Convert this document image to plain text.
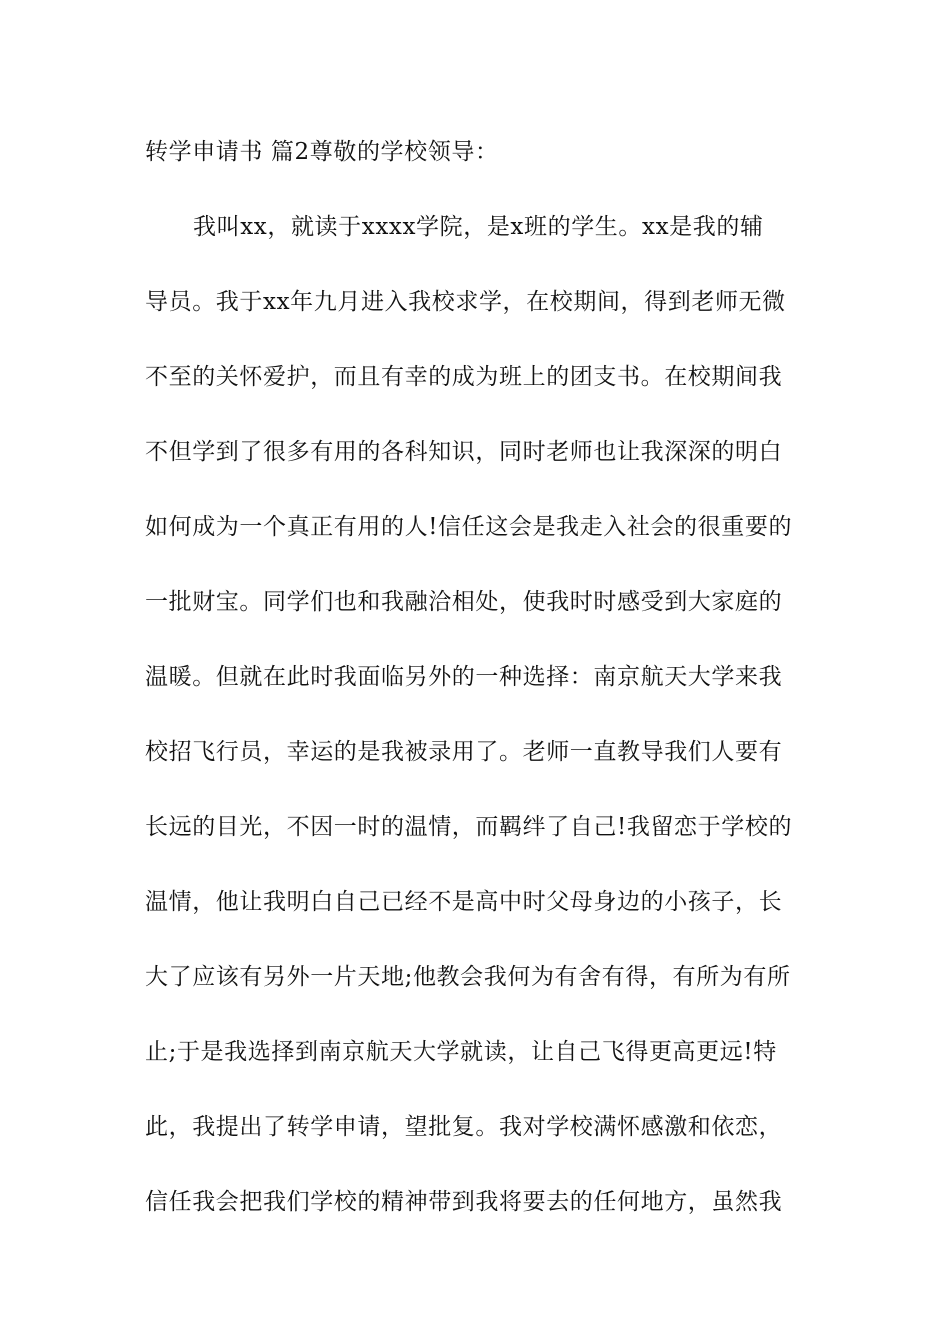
转学申请书 篇2尊敬的学校领导：
我叫xx，就读于xxxx学院，是x班的学生。xx是我的辅
导员。我于xx年九月进入我校求学，在校期间，得到老师无微
不至的关怀爱护，而且有幸的成为班上的团支书。在校期间我
不但学到了很多有用的各科知识，同时老师也让我深深的明白
如何成为一个真正有用的人!信任这会是我走入社会的很重要的
一批财宝。同学们也和我融洽相处，使我时时感受到大家庭的
温暖。但就在此时我面临另外的一种选择：南京航天大学来我
校招飞行员，幸运的是我被录用了。老师一直教导我们人要有
长远的目光，不因一时的温情，而羁绊了自己!我留恋于学校的
温情，他让我明白自己已经不是高中时父母身边的小孩子，长
大了应该有另外一片天地;他教会我何为有舍有得，有所为有所
止;于是我选择到南京航天大学就读，让自己飞得更高更远!特
此，我提出了转学申请，望批复。我对学校满怀感激和依恋，
信任我会把我们学校的精神带到我将要去的任何地方，虽然我
